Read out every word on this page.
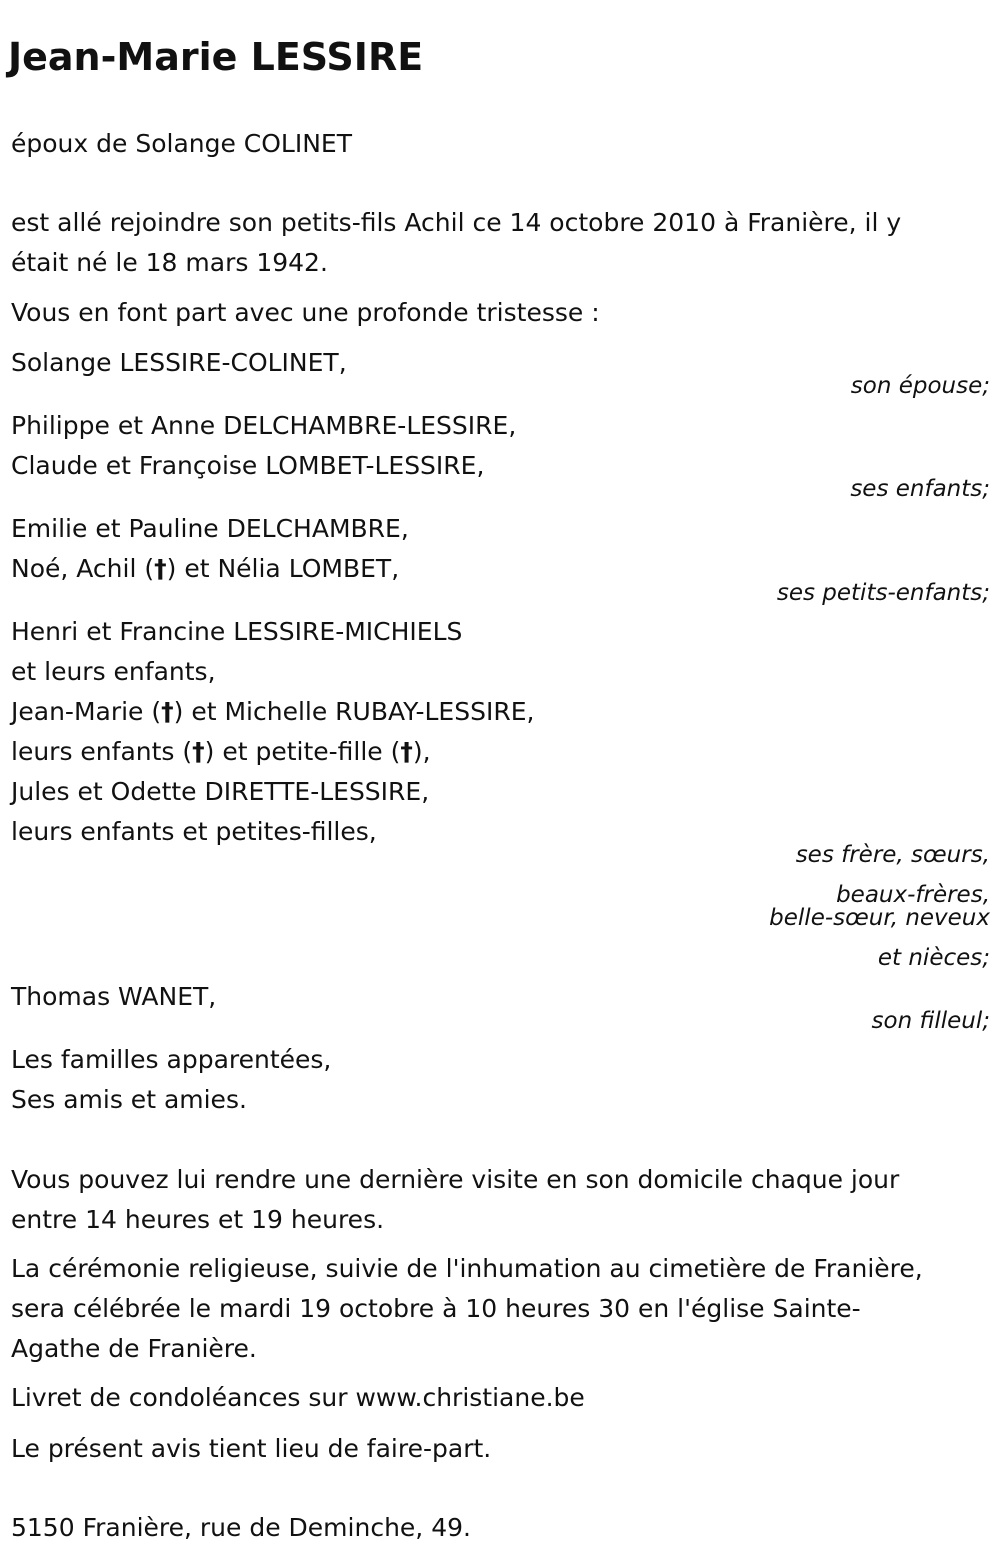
Jean-Marie LESSIRE
époux de Solange COLINET
est allé rejoindre son petits-fils Achil ce 14 octobre 2010 à Franière, il y
était né le 18 mars 1942.
Vous en font part avec une profonde tristesse :
Solange LESSIRE-COLINET,
son épouse;
Philippe et Anne DELCHAMBRE-LESSIRE,
Claude et Françoise LOMBET-LESSIRE,
ses enfants;
Emilie et Pauline DELCHAMBRE,
Noé, Achil (†) et Nélia LOMBET,
ses petits-enfants;
Henri et Francine LESSIRE-MICHIELS
et leurs enfants,
Jean-Marie (†) et Michelle RUBAY-LESSIRE,
leurs enfants (†) et petite-fille (†),
Jules et Odette DIRETTE-LESSIRE,
leurs enfants et petites-filles,
ses frère, sœurs,
beaux-frères,
belle-sœur, neveux
et nièces;
Thomas WANET,
son filleul;
Les familles apparentées,
Ses amis et amies.
Vous pouvez lui rendre une dernière visite en son domicile chaque jour
entre 14 heures et 19 heures.
La cérémonie religieuse, suivie de l'inhumation au cimetière de Franière,
sera célébrée le mardi 19 octobre à 10 heures 30 en l'église Sainte-
Agathe de Franière.
Livret de condoléances sur www.christiane.be
Le présent avis tient lieu de faire-part.
5150 Franière, rue de Deminche, 49.
